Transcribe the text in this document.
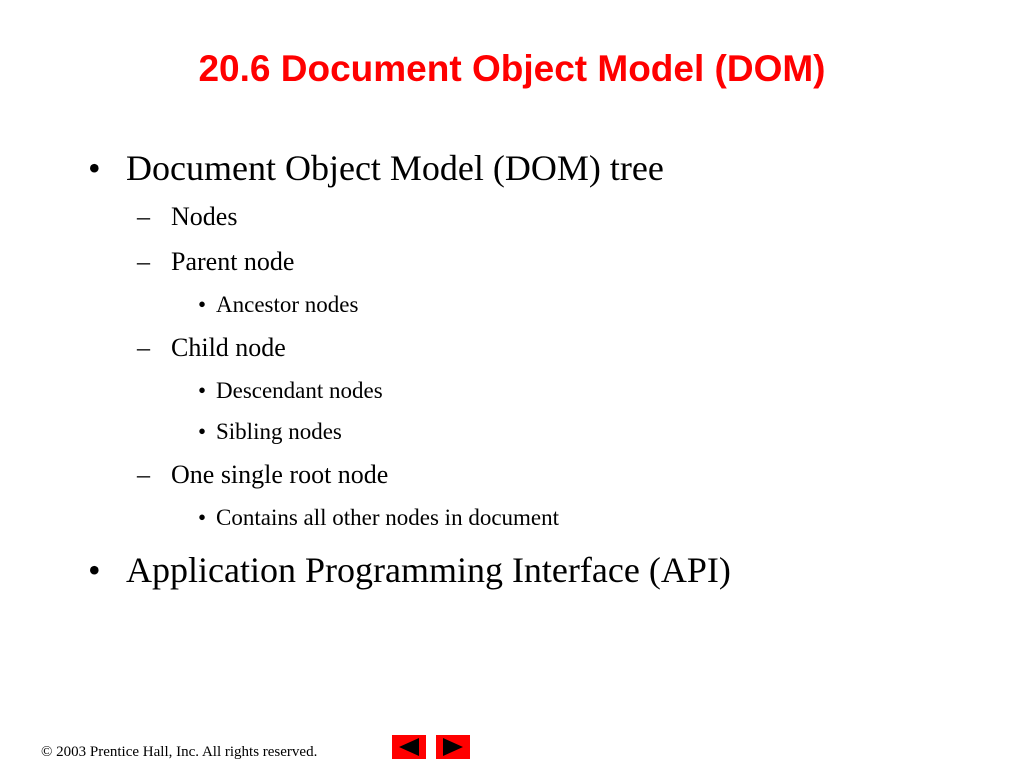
20.6 Document Object Model (DOM)
• Document Object Model (DOM) tree
– Nodes
– Parent node
• Ancestor nodes
– Child node
• Descendant nodes
• Sibling nodes
– One single root node
• Contains all other nodes in document
• Application Programming Interface (API)
© 2003 Prentice Hall, Inc. All rights reserved.
